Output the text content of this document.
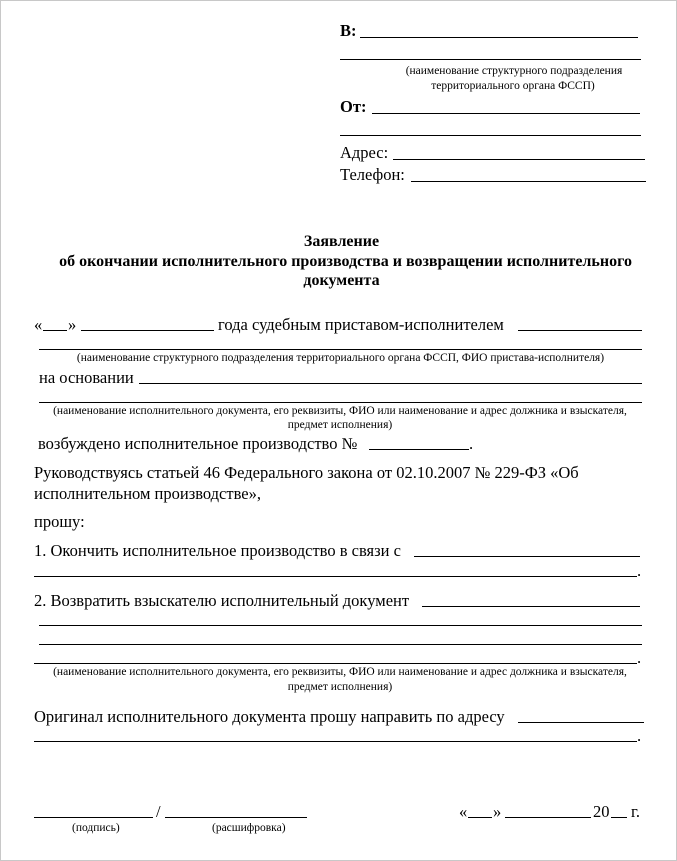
В:
(наименование структурного подразделения
территориального органа ФССП)
От:
Адрес:
Телефон:
Заявление
об окончании исполнительного производства и возвращении исполнительного
документа
« »	года судебным приставом-исполнителем
(наименование структурного подразделения территориального органа ФССП, ФИО пристава-исполнителя)
на основании
(наименование исполнительного документа, его реквизиты, ФИО или наименование и адрес должника и взыскателя,
предмет исполнения)
возбуждено исполнительное производство №	.
Руководствуясь статьей 46 Федерального закона от 02.10.2007 № 229-ФЗ «Об
исполнительном производстве»,
прошу:
1. Окончить исполнительное производство в связи с
.
2. Возвратить взыскателю исполнительный документ
.
(наименование исполнительного документа, его реквизиты, ФИО или наименование и адрес должника и взыскателя,
предмет исполнения)
Оригинал исполнительного документа прошу направить по адресу
.
/
(подпись)	(расшифровка)
« »	20 г.
